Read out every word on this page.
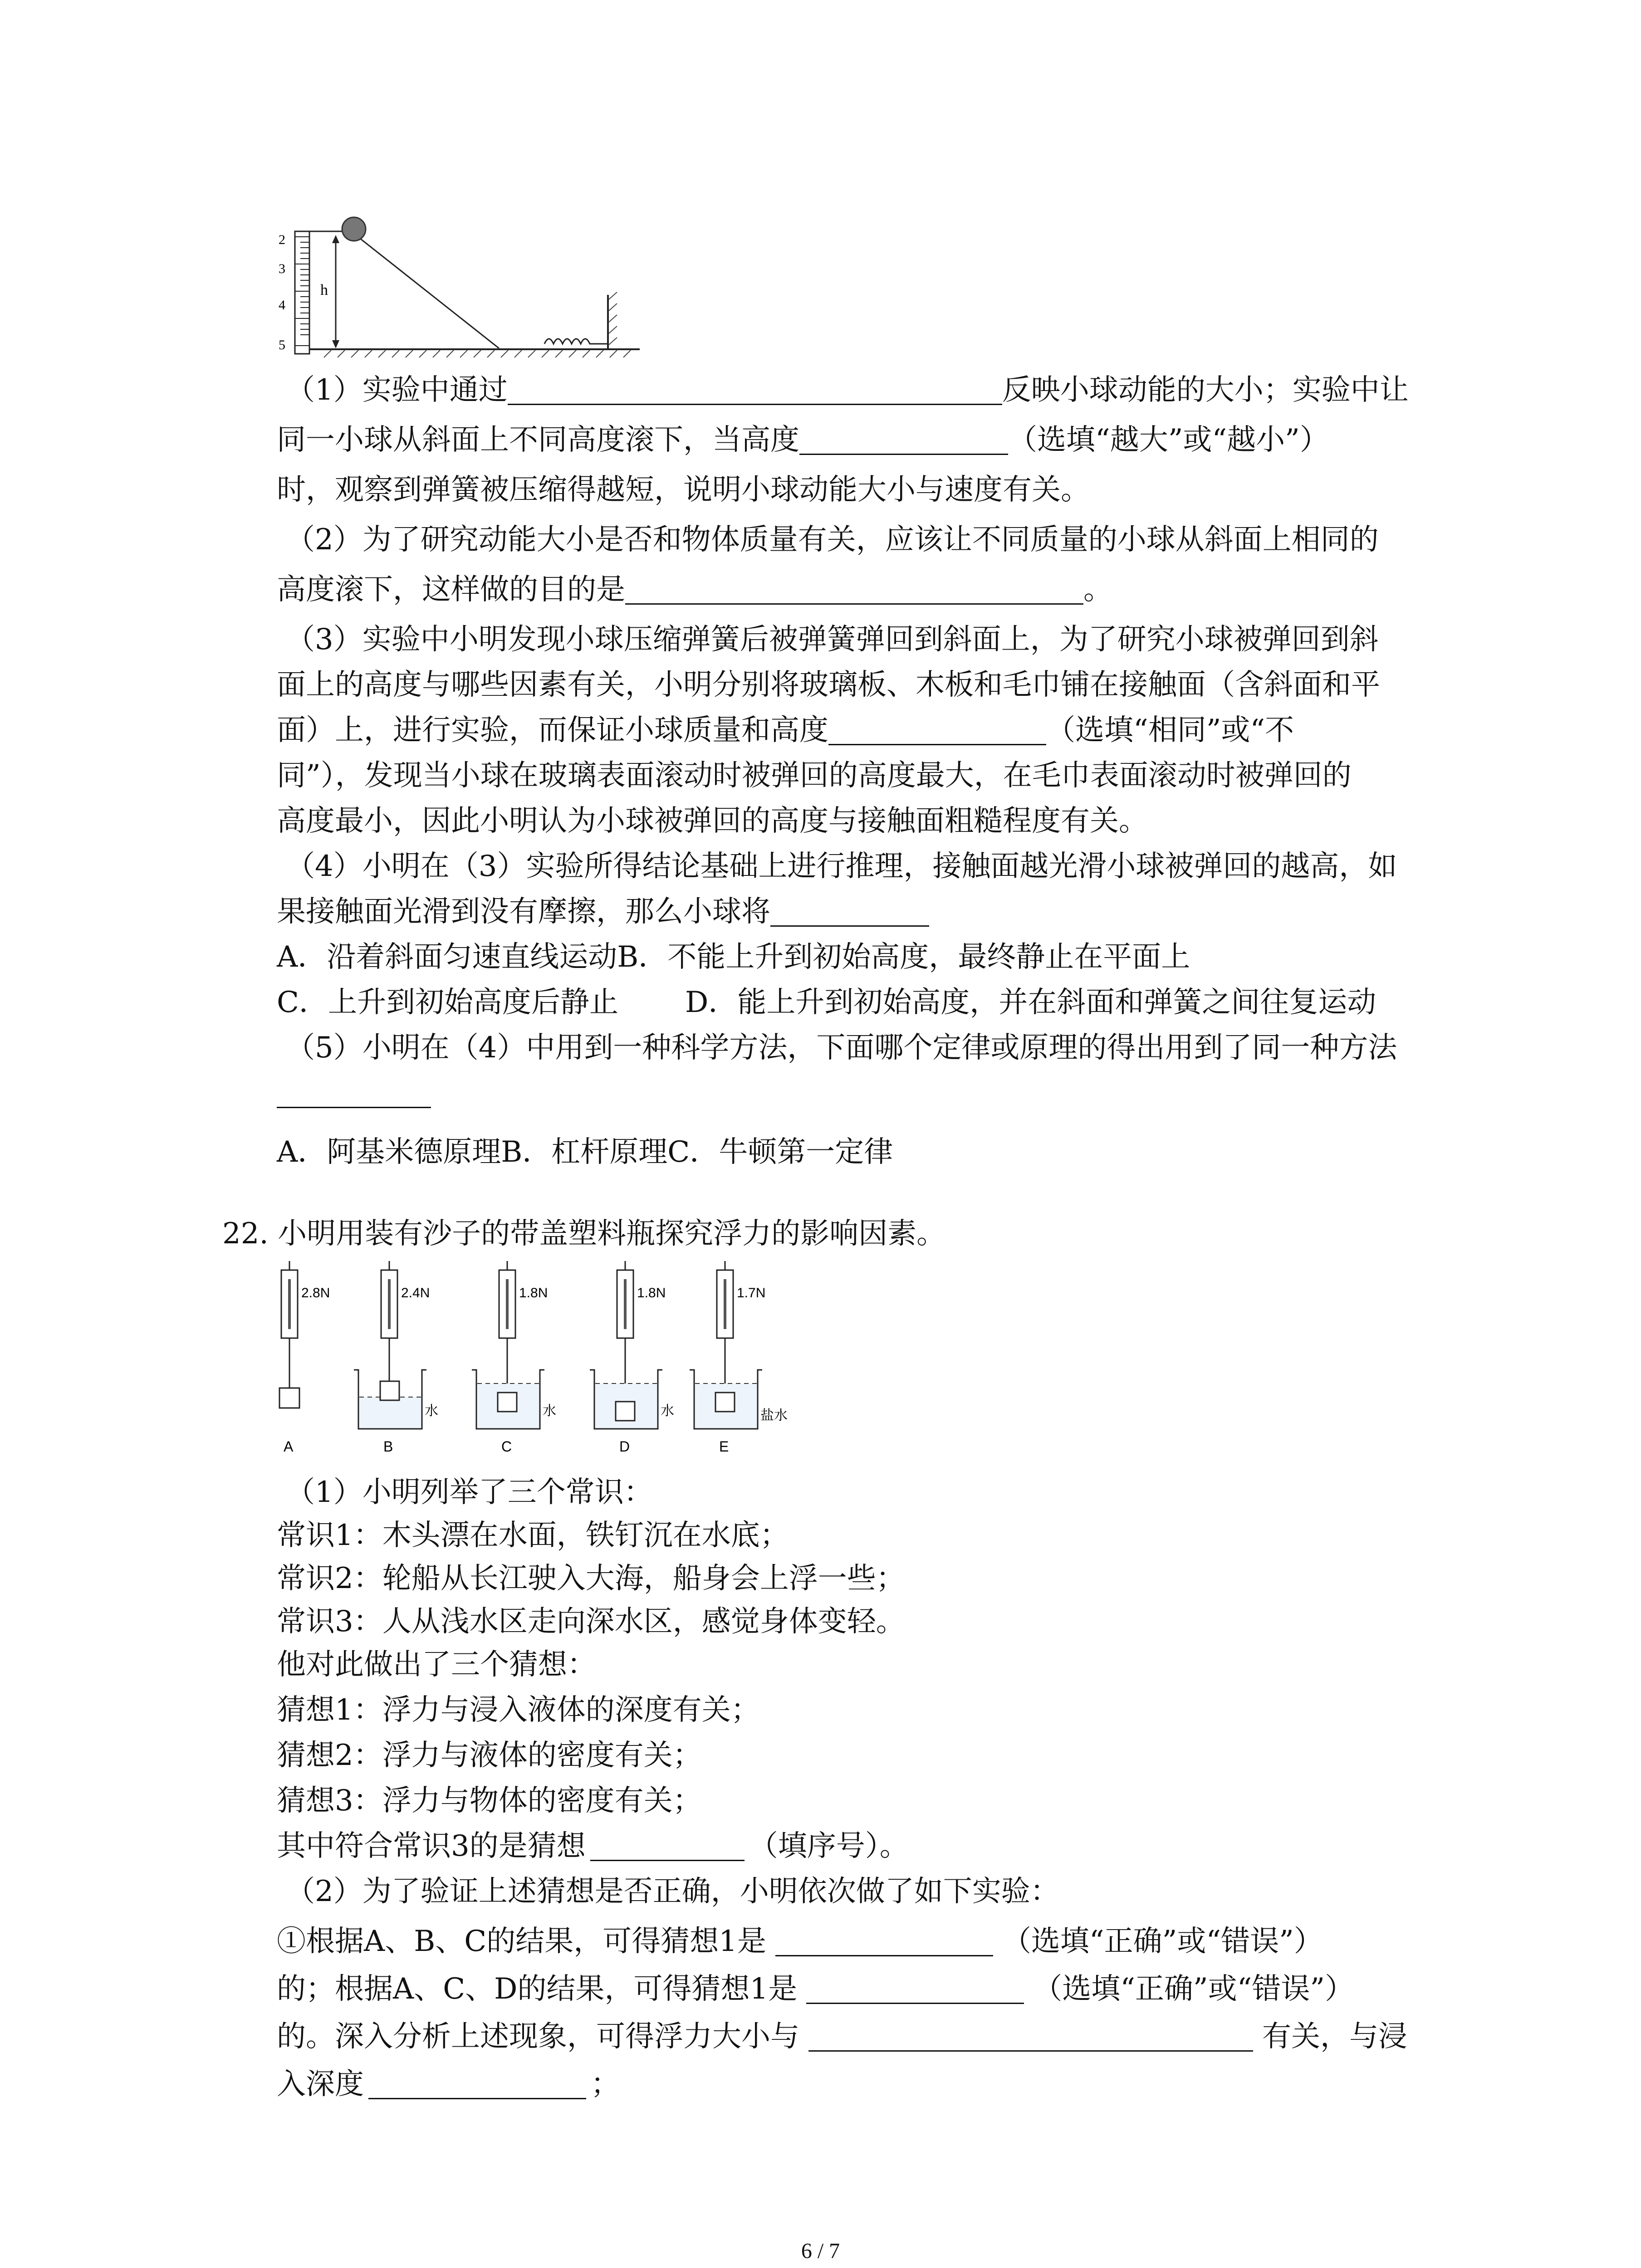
2
3
4
5
h
（1）实验中通过	反映小球动能的大小；实验中让
同一小球从斜面上不同高度滚下，当高度	（选填“越大”或“越小”）
时，观察到弹簧被压缩得越短，说明小球动能大小与速度有关。
（2）为了研究动能大小是否和物体质量有关，应该让不同质量的小球从斜面上相同的
高度滚下，这样做的目的是	。
（3）实验中小明发现小球压缩弹簧后被弹簧弹回到斜面上，为了研究小球被弹回到斜
面上的高度与哪些因素有关，小明分别将玻璃板、木板和毛巾铺在接触面（含斜面和平
面）上，进行实验，而保证小球质量和高度	（选填“相同”或“不
同”），发现当小球在玻璃表面滚动时被弹回的高度最大，在毛巾表面滚动时被弹回的
高度最小，因此小明认为小球被弹回的高度与接触面粗糙程度有关。
（4）小明在（3）实验所得结论基础上进行推理，接触面越光滑小球被弹回的越高，如
果接触面光滑到没有摩擦，那么小球将
A．沿着斜面匀速直线运动B．不能上升到初始高度，最终静止在平面上
C．上升到初始高度后静止 D．能上升到初始高度，并在斜面和弹簧之间往复运动
（5）小明在（4）中用到一种科学方法，下面哪个定律或原理的得出用到了同一种方法
A．阿基米德原理B．杠杆原理C．牛顿第一定律
22. 小明用装有沙子的带盖塑料瓶探究浮力的影响因素。
2.8N
A
2.4N
水
B
1.8N
水
C
1.8N
水
D
1.7N
盐水
E
（1）小明列举了三个常识：
常识1：木头漂在水面，铁钉沉在水底；
常识2：轮船从长江驶入大海，船身会上浮一些；
常识3：人从浅水区走向深水区，感觉身体变轻。
他对此做出了三个猜想：
猜想1：浮力与浸入液体的深度有关；
猜想2：浮力与液体的密度有关；
猜想3：浮力与物体的密度有关；
其中符合常识3的是猜想	（填序号）。
（2）为了验证上述猜想是否正确，小明依次做了如下实验：
①根据A、B、C的结果，可得猜想1是	（选填“正确”或“错误”）
的；根据A、C、D的结果，可得猜想1是	（选填“正确”或“错误”）
的。深入分析上述现象，可得浮力大小与	有关，与浸
入深度	；
6 / 7
